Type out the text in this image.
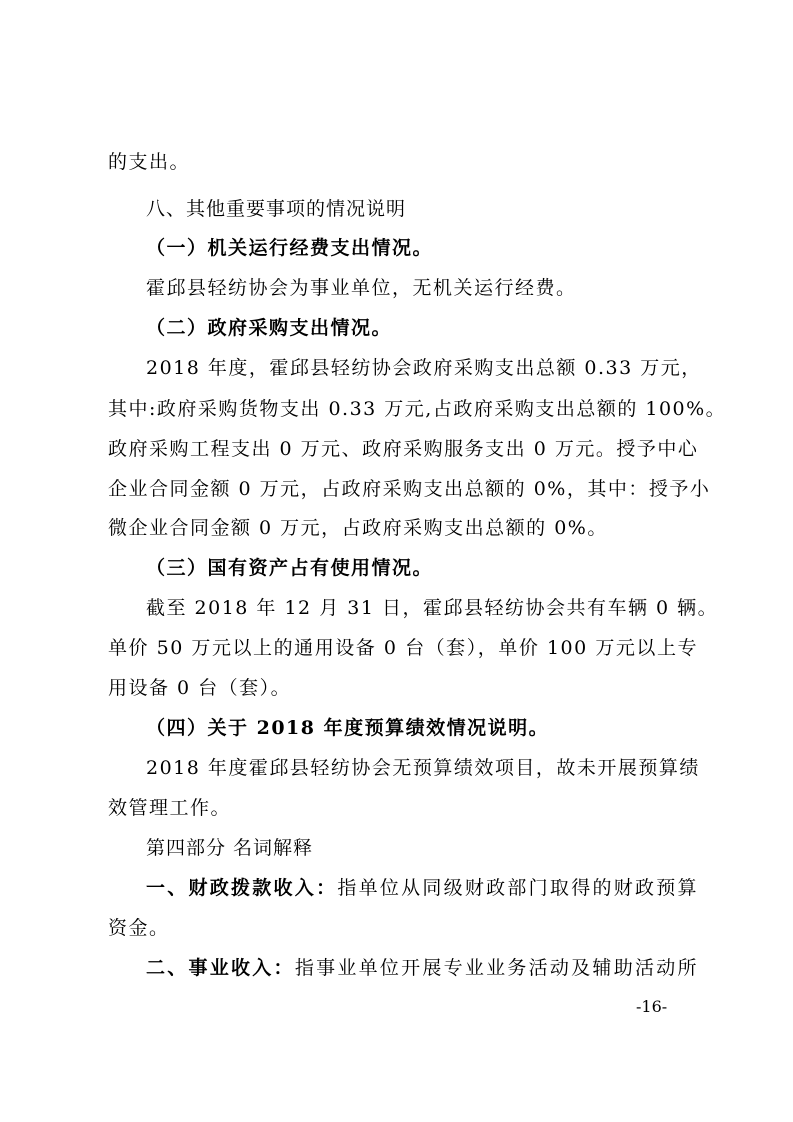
的支出。
八、其他重要事项的情况说明
（一）机关运行经费支出情况。
霍邱县轻纺协会为事业单位，无机关运行经费。
（二）政府采购支出情况。
2018 年度，霍邱县轻纺协会政府采购支出总额 0.33 万元，
其中:政府采购货物支出 0.33 万元,占政府采购支出总额的 100%。
政府采购工程支出 0 万元、政府采购服务支出 0 万元。授予中心
企业合同金额 0 万元，占政府采购支出总额的 0%，其中：授予小
微企业合同金额 0 万元，占政府采购支出总额的 0%。
（三）国有资产占有使用情况。
截至 2018 年 12 月 31 日，霍邱县轻纺协会共有车辆 0 辆。
单价 50 万元以上的通用设备 0 台（套），单价 100 万元以上专
用设备 0 台（套）。
（四）关于 2018 年度预算绩效情况说明。
2018 年度霍邱县轻纺协会无预算绩效项目，故未开展预算绩
效管理工作。
第四部分 名词解释
一、财政拨款收入：指单位从同级财政部门取得的财政预算
资金。
二、事业收入：指事业单位开展专业业务活动及辅助活动所
-16-
